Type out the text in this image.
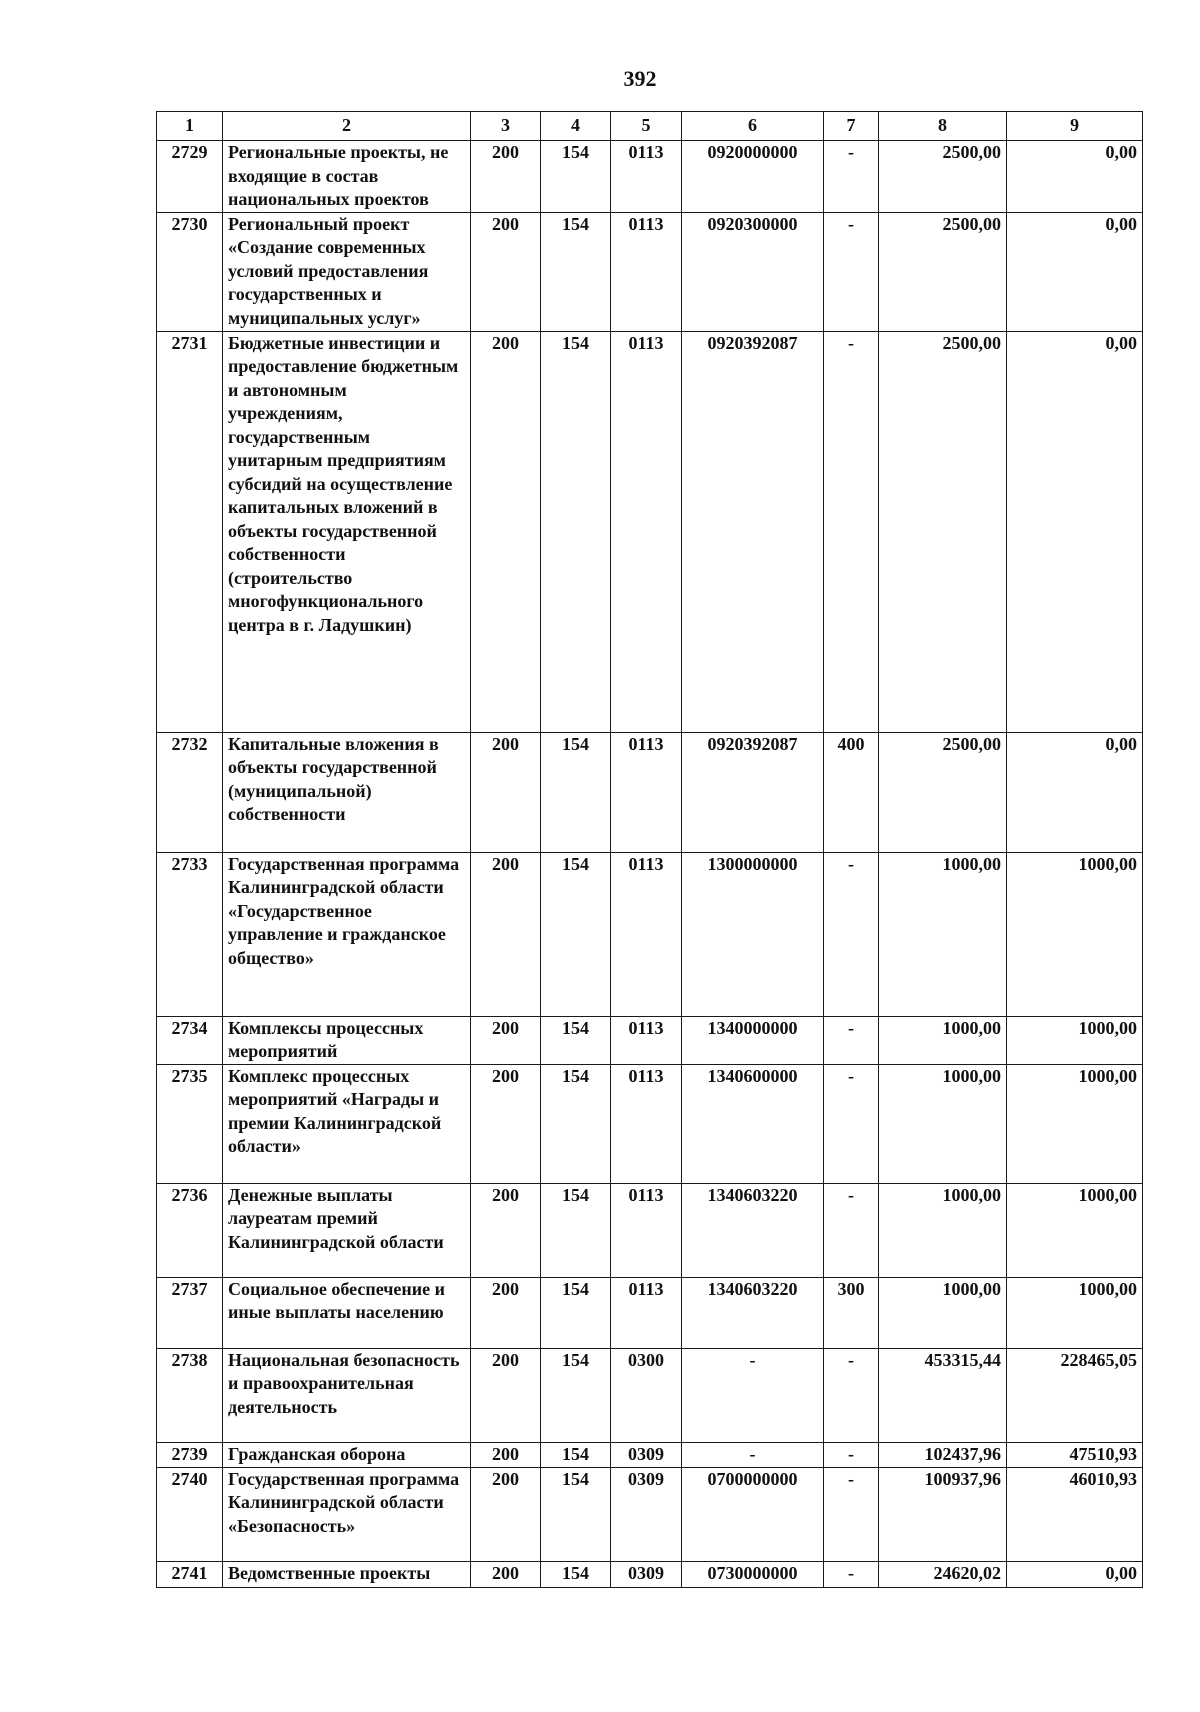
392
1	2	3	4	5	6	7	8	9
2729	Региональные проекты, не входящие в состав национальных проектов	200	154	0113	0920000000	-	2500,00	0,00
2730	Региональный проект «Создание современных условий предоставления государственных и муниципальных услуг»	200	154	0113	0920300000	-	2500,00	0,00
2731	Бюджетные инвестиции и предоставление бюджетным и автономным учреждениям, государственным унитарным предприятиям субсидий на осуществление капитальных вложений в объекты государственной собственности (строительство многофункционального центра в г. Ладушкин)	200	154	0113	0920392087	-	2500,00	0,00
2732	Капитальные вложения в объекты государственной (муниципальной) собственности	200	154	0113	0920392087	400	2500,00	0,00
2733	Государственная программа Калининградской области «Государственное управление и гражданское общество»	200	154	0113	1300000000	-	1000,00	1000,00
2734	Комплексы процессных мероприятий	200	154	0113	1340000000	-	1000,00	1000,00
2735	Комплекс процессных мероприятий «Награды и премии Калининградской области»	200	154	0113	1340600000	-	1000,00	1000,00
2736	Денежные выплаты лауреатам премий Калининградской области	200	154	0113	1340603220	-	1000,00	1000,00
2737	Социальное обеспечение и иные выплаты населению	200	154	0113	1340603220	300	1000,00	1000,00
2738	Национальная безопасность и правоохранительная деятельность	200	154	0300	-	-	453315,44	228465,05
2739	Гражданская оборона	200	154	0309	-	-	102437,96	47510,93
2740	Государственная программа Калининградской области «Безопасность»	200	154	0309	0700000000	-	100937,96	46010,93
2741	Ведомственные проекты	200	154	0309	0730000000	-	24620,02	0,00
